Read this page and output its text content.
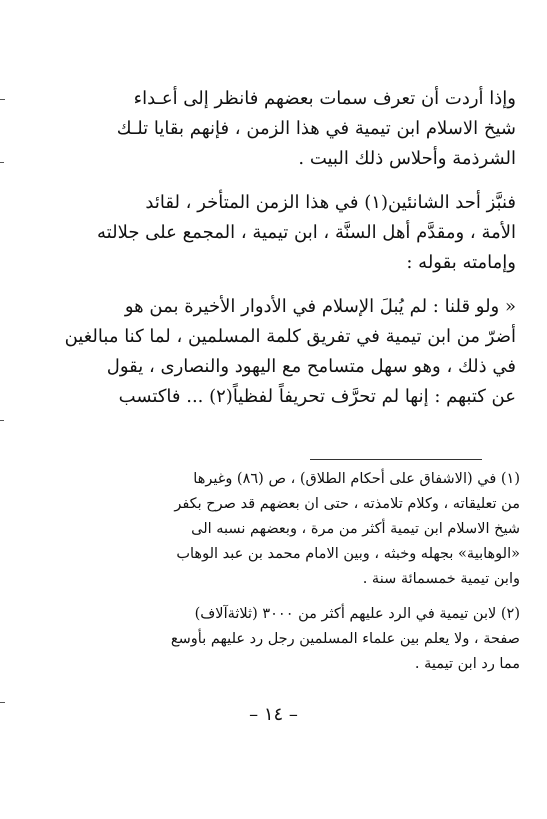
وإذا أردت أن تعرف سمات بعضهم فانظر إلى أعـداء
شيخ الاسلام ابن تيمية في هذا الزمن ، فإنهم بقايا تلـك
الشرذمة وأحلاس ذلك البيت .
فنبَّز أحد الشانئين(١) في هذا الزمن المتأخر ، لقائد
الأمة ، ومقدَّم أهل السنَّة ، ابن تيمية ، المجمع على جلالته
وإمامته بقوله :
« ولو قلنا : لم يُبلَ الإسلام في الأدوار الأخيرة بمن هو
أضرّ من ابن تيمية في تفريق كلمة المسلمين ، لما كنا مبالغين
في ذلك ، وهو سهل متسامح مع اليهود والنصارى ، يقول
عن كتبهم : إنها لم تحرَّف تحريفاً لفظياً(٢) ... فاكتسب
(١) في (الاشفاق على أحكام الطلاق) ، ص (٨٦) وغيرها
من تعليقاته ، وكلام تلامذته ، حتى ان بعضهم قد صرح بكفر
شيخ الاسلام ابن تيمية أكثر من مرة ، وبعضهم نسبه الى
«الوهابية» بجهله وخبثه ، وبين الامام محمد بن عبد الوهاب
وابن تيمية خمسمائة سنة .
(٢) لابن تيمية في الرد عليهم أكثر من ٣٠٠٠ (ثلاثةآلاف)
صفحة ، ولا يعلم بين علماء المسلمين رجل رد عليهم بأوسع
مما رد ابن تيمية .
– ١٤ –
